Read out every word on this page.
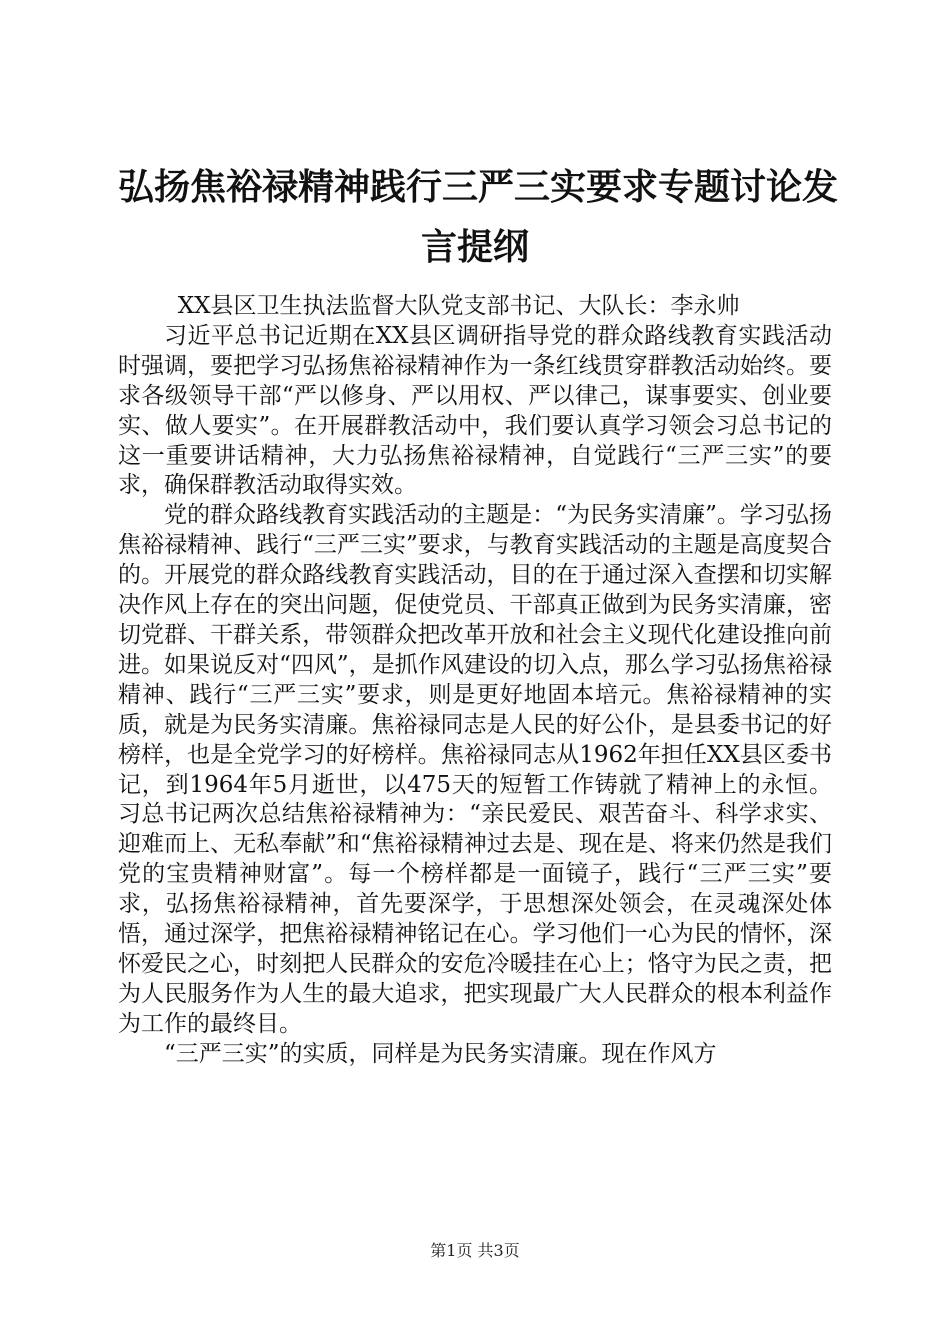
弘扬焦裕禄精神践行三严三实要求专题讨论发
言提纲

XX县区卫生执法监督大队党支部书记、大队长：李永帅

习近平总书记近期在XX县区调研指导党的群众路线教育实践活动时强调，要把学习弘扬焦裕禄精神作为一条红线贯穿群教活动始终。要求各级领导干部“严以修身、严以用权、严以律己，谋事要实、创业要实、做人要实”。在开展群教活动中，我们要认真学习领会习总书记的这一重要讲话精神，大力弘扬焦裕禄精神，自觉践行“三严三实”的要求，确保群教活动取得实效。

党的群众路线教育实践活动的主题是：“为民务实清廉”。学习弘扬焦裕禄精神、践行“三严三实”要求，与教育实践活动的主题是高度契合的。开展党的群众路线教育实践活动，目的在于通过深入查摆和切实解决作风上存在的突出问题，促使党员、干部真正做到为民务实清廉，密切党群、干群关系，带领群众把改革开放和社会主义现代化建设推向前进。如果说反对“四风”，是抓作风建设的切入点，那么学习弘扬焦裕禄精神、践行“三严三实”要求，则是更好地固本培元。焦裕禄精神的实质，就是为民务实清廉。焦裕禄同志是人民的好公仆，是县委书记的好榜样，也是全党学习的好榜样。焦裕禄同志从1962年担任XX县区委书记，到1964年5月逝世，以475天的短暂工作铸就了精神上的永恒。习总书记两次总结焦裕禄精神为：“亲民爱民、艰苦奋斗、科学求实、迎难而上、无私奉献”和“焦裕禄精神过去是、现在是、将来仍然是我们党的宝贵精神财富”。每一个榜样都是一面镜子，践行“三严三实”要求，弘扬焦裕禄精神，首先要深学，于思想深处领会，在灵魂深处体悟，通过深学，把焦裕禄精神铭记在心。学习他们一心为民的情怀，深怀爱民之心，时刻把人民群众的安危冷暖挂在心上；恪守为民之责，把为人民服务作为人生的最大追求，把实现最广大人民群众的根本利益作为工作的最终目。

“三严三实”的实质，同样是为民务实清廉。现在作风方

第1页 共3页
